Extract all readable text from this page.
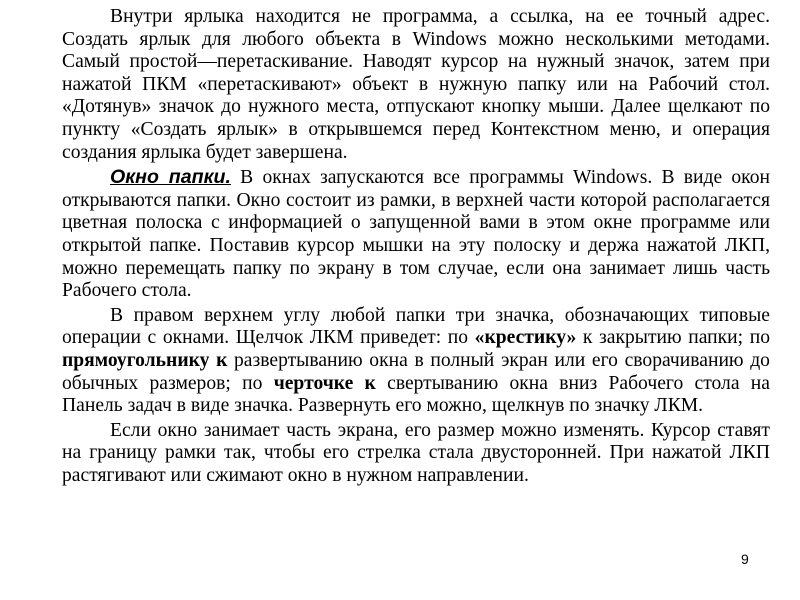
Внутри ярлыка находится не программа, а ссылка, на ее точный адрес. Создать ярлык для любого объекта в Windows можно несколькими методами. Самый простой—перетаскивание. Наводят курсор на нужный значок, затем при нажатой ПКМ «перетаскивают» объект в нужную папку или на Рабочий стол. «Дотянув» значок до нужного места, отпускают кнопку мыши. Далее щелкают по пункту «Создать ярлык» в открывшемся перед Контекстном меню, и операция создания ярлыка будет завершена.

Окно папки. В окнах запускаются все программы Windows. В виде окон открываются папки. Окно состоит из рамки, в верхней части которой располагается цветная полоска с информацией о запущенной вами в этом окне программе или открытой папке. Поставив курсор мышки на эту полоску и держа нажатой ЛКП, можно перемещать папку по экрану в том случае, если она занимает лишь часть Рабочего стола.

В правом верхнем углу любой папки три значка, обозначающих типовые операции с окнами. Щелчок ЛКМ приведет: по «крестику» к закрытию папки; по прямоугольнику к развертыванию окна в полный экран или его сворачиванию до обычных размеров; по черточке к свертыванию окна вниз Рабочего стола на Панель задач в виде значка. Развернуть его можно, щелкнув по значку ЛКМ.

Если окно занимает часть экрана, его размер можно изменять. Курсор ставят на границу рамки так, чтобы его стрелка стала двусторонней. При нажатой ЛКП растягивают или сжимают окно в нужном направлении.

9
